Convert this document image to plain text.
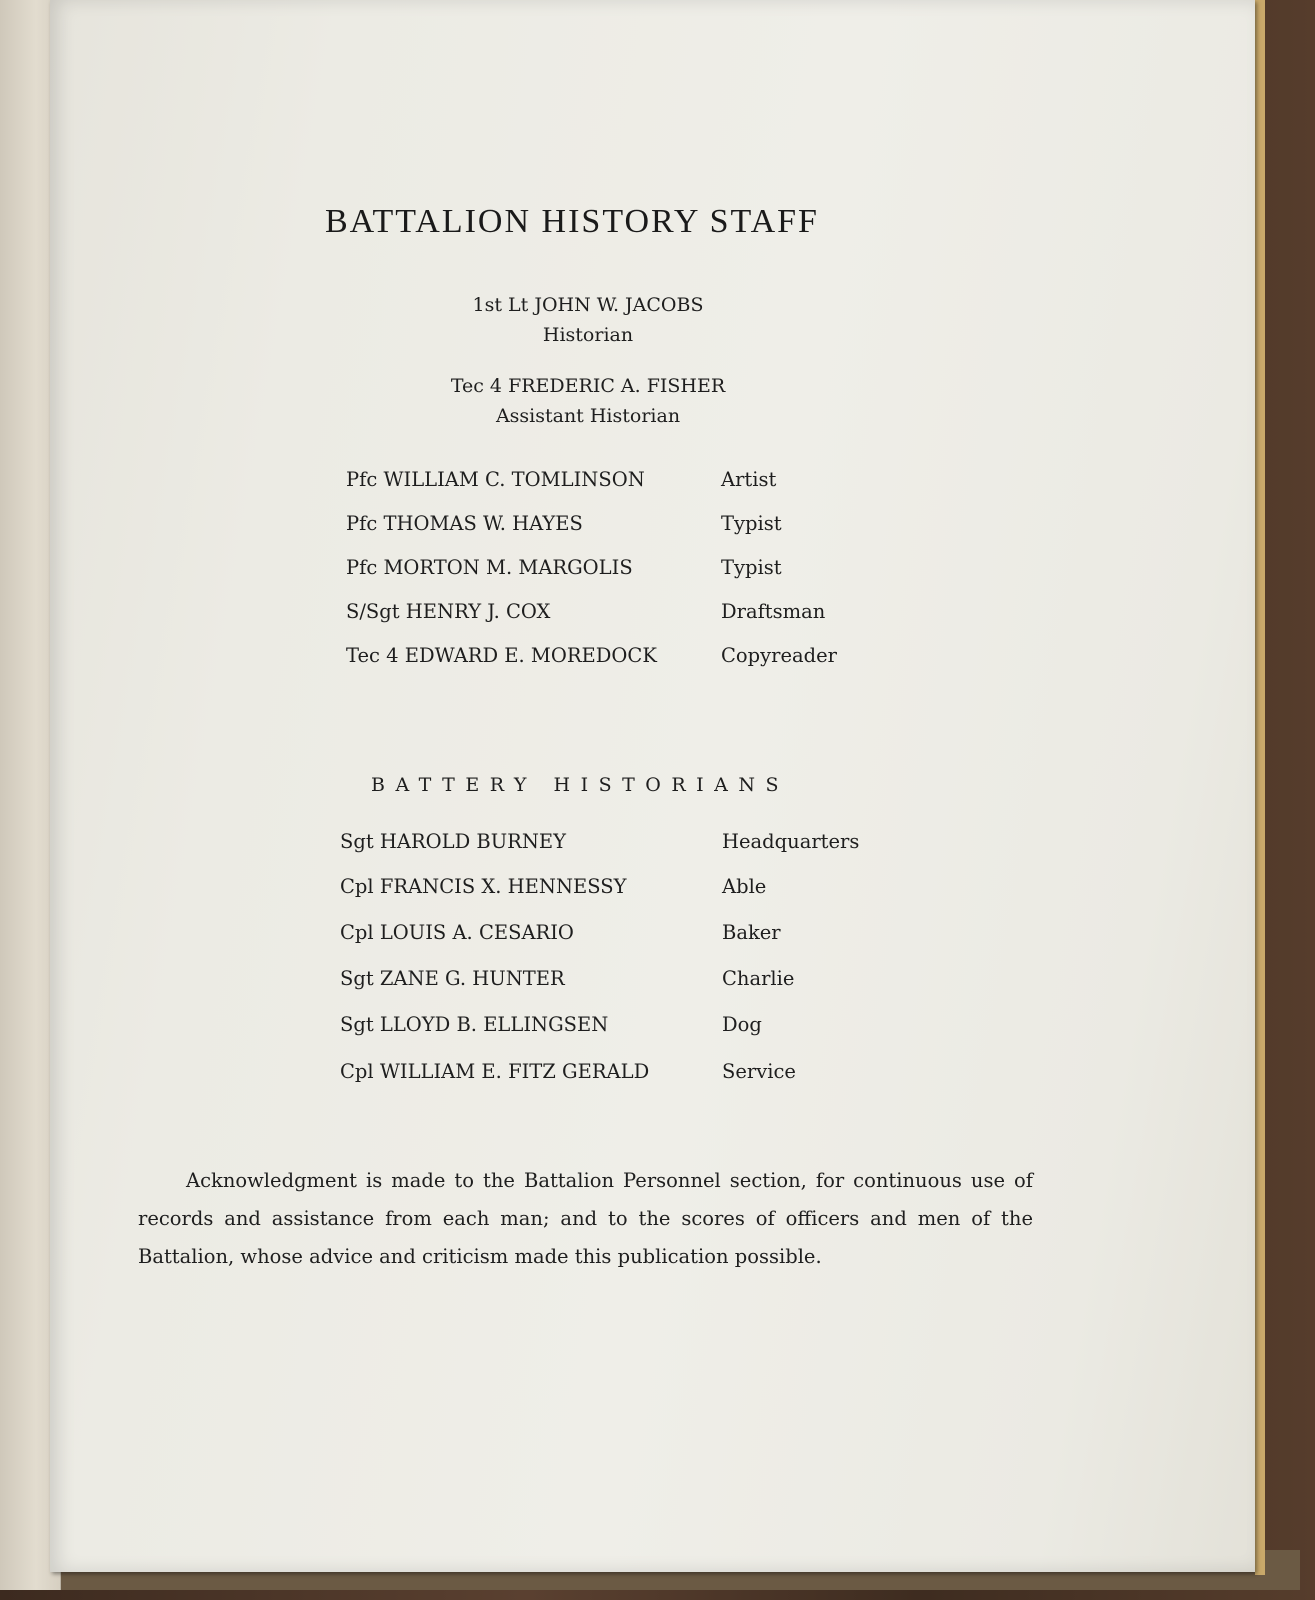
BATTALION HISTORY STAFF
1st Lt JOHN W. JACOBS
Historian
Tec 4 FREDERIC A. FISHER
Assistant Historian
Pfc WILLIAM C. TOMLINSON	Artist
Pfc THOMAS W. HAYES	Typist
Pfc MORTON M. MARGOLIS	Typist
S/Sgt HENRY J. COX	Draftsman
Tec 4 EDWARD E. MOREDOCK	Copyreader
BATTERY HISTORIANS
Sgt HAROLD BURNEY	Headquarters
Cpl FRANCIS X. HENNESSY	Able
Cpl LOUIS A. CESARIO	Baker
Sgt ZANE G. HUNTER	Charlie
Sgt LLOYD B. ELLINGSEN	Dog
Cpl WILLIAM E. FITZ GERALD	Service
Acknowledgment is made to the Battalion Personnel section, for continuous use of records and assistance from each man; and to the scores of officers and men of the Battalion, whose advice and criticism made this publication possible.
